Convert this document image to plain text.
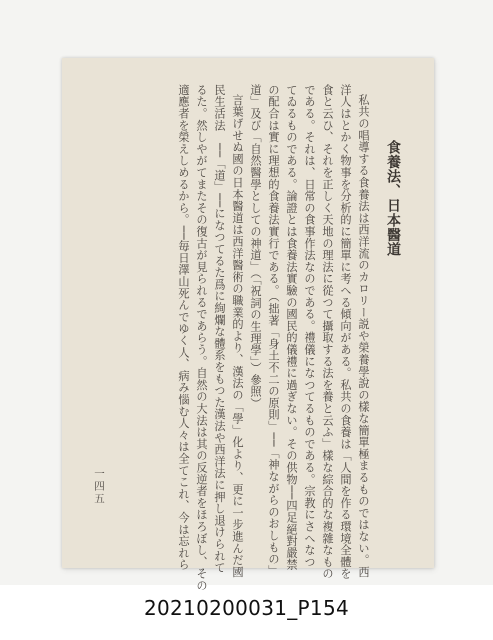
食養法、日本醫道
私共の唱導する食養法は西洋流のカロリー説や榮養學說の樣な簡單極まるものではない。西
洋人はとかく物事を分析的に簡單に考へる傾向がある。私共の食養は「人間を作る環境全體を
食と云ひ、それを正しく天地の理法に從つて攝取する法を養と云ふ」樣な綜合的な複雜なもの
である。それは、日常の食事作法なのである。禮儀になつてるものである。宗教にさへなつ
てゐるものである。論證とは食養法實驗の國民的儀禮に過ぎない。その供物──四足絕對嚴禁
の配合は實に理想的食養法實行である。（拙著「身土不二の原則」──「神ながらのおしもの」
道」及び「自然醫學としての神道」（「祝詞の生理學」）參照）
言葉げせぬ國の日本醫道は西洋醫術の職業的より、漢法の「學」化より、更に一步進んだ國
民生活法　──「道」──になつてるた爲に絢爛な體系をもつた漢法や西洋法に押し退けられて
るた。然しやがてまたその復古が見られるであらう。自然の大法は其の反逆者をほろぼし、その
適應者を榮えしめるから。──毎日澤山死んでゆく人、病み惱む人々は全てこれ、今は忘れら
一四五
20210200031_P154
